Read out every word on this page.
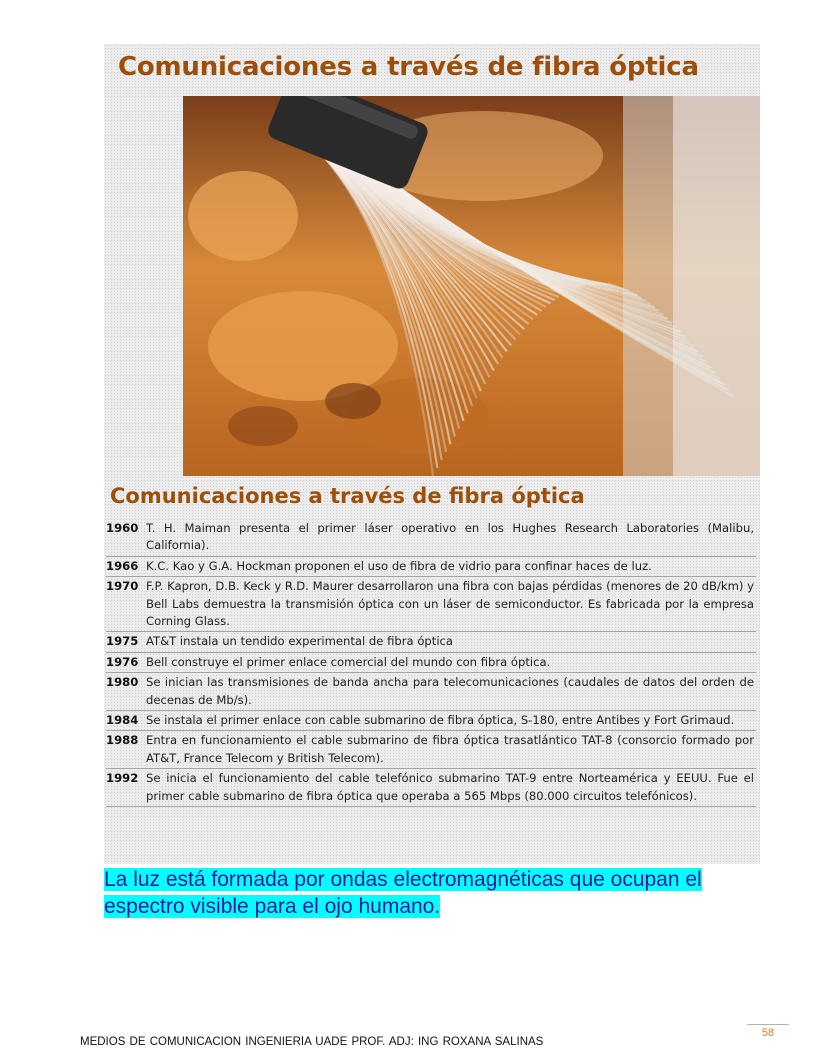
Comunicaciones a través de fibra óptica
Comunicaciones a través de fibra óptica
1960 T. H. Maiman presenta el primer láser operativo en los Hughes Research Laboratories (Malibu, California).
1966 K.C. Kao y G.A. Hockman proponen el uso de fibra de vidrio para confinar haces de luz.
1970 F.P. Kapron, D.B. Keck y R.D. Maurer desarrollaron una fibra con bajas pérdidas (menores de 20 dB/km) y Bell Labs demuestra la transmisión óptica con un láser de semiconductor. Es fabricada por la empresa Corning Glass.
1975 AT&T instala un tendido experimental de fibra óptica
1976 Bell construye el primer enlace comercial del mundo con fibra óptica.
1980 Se inician las transmisiones de banda ancha para telecomunicaciones (caudales de datos del orden de decenas de Mb/s).
1984 Se instala el primer enlace con cable submarino de fibra óptica, S-180, entre Antibes y Fort Grimaud.
1988 Entra en funcionamiento el cable submarino de fibra óptica trasatlántico TAT-8 (consorcio formado por AT&T, France Telecom y British Telecom).
1992 Se inicia el funcionamiento del cable telefónico submarino TAT-9 entre Norteamérica y EEUU. Fue el primer cable submarino de fibra óptica que operaba a 565 Mbps (80.000 circuitos telefónicos).

La luz está formada por ondas electromagnéticas que ocupan el espectro visible para el ojo humano.

58
MEDIOS DE COMUNICACIÓN INGENIERIA UADE PROF. ADJ: ING ROXANA SALINAS
